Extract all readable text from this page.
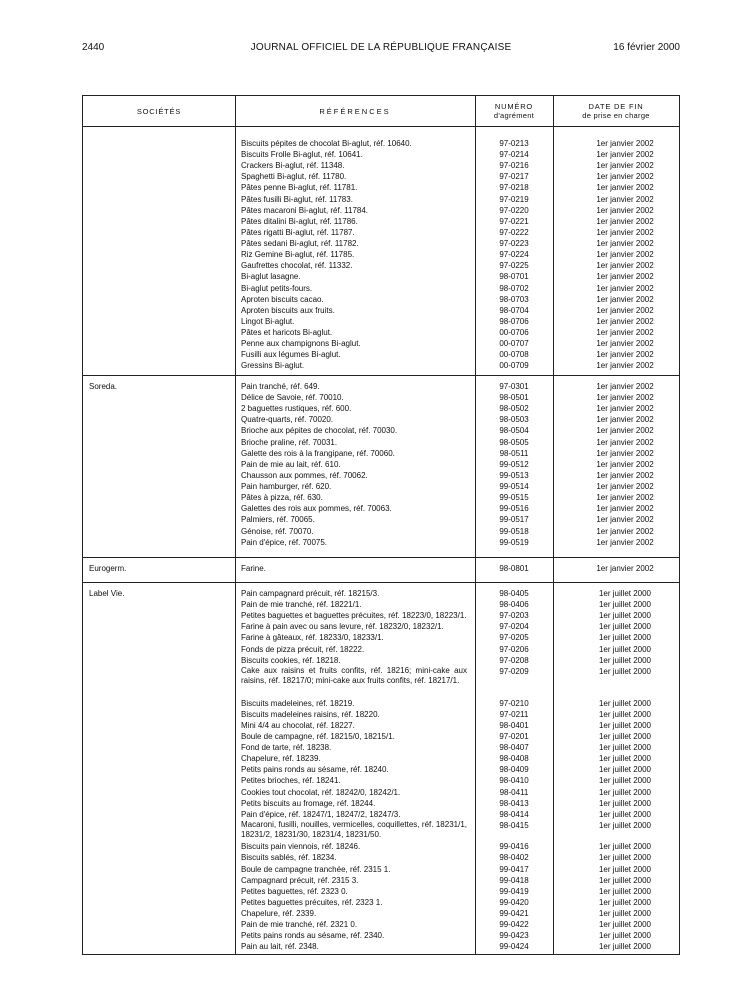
2440	JOURNAL OFFICIEL DE LA RÉPUBLIQUE FRANÇAISE	16 février 2000
SOCIÉTÉS	RÉFÉRENCES	NUMÉRO
d'agrément
DATE DE FIN
de prise en charge
Biscuits pépites de chocolat Bi-aglut, réf. 10640.	97-0213	1er janvier 2002
Biscuits Frolle Bi-aglut, réf. 10641.	97-0214	1er janvier 2002
Crackers Bi-aglut, réf. 11348.	97-0216	1er janvier 2002
Spaghetti Bi-aglut, réf. 11780.	97-0217	1er janvier 2002
Pâtes penne Bi-aglut, réf. 11781.	97-0218	1er janvier 2002
Pâtes fusilli Bi-aglut, réf. 11783.	97-0219	1er janvier 2002
Pâtes macaroni Bi-aglut, réf. 11784.	97-0220	1er janvier 2002
Pâtes ditalini Bi-aglut, réf. 11786.	97-0221	1er janvier 2002
Pâtes rigatti Bi-aglut, réf. 11787.	97-0222	1er janvier 2002
Pâtes sedani Bi-aglut, réf. 11782.	97-0223	1er janvier 2002
Riz Gemine Bi-aglut, réf. 11785.	97-0224	1er janvier 2002
Gaufrettes chocolat, réf. 11332.	97-0225	1er janvier 2002
Bi-aglut lasagne.	98-0701	1er janvier 2002
Bi-aglut petits-fours.	98-0702	1er janvier 2002
Aproten biscuits cacao.	98-0703	1er janvier 2002
Aproten biscuits aux fruits.	98-0704	1er janvier 2002
Lingot Bi-aglut.	98-0706	1er janvier 2002
Pâtes et haricots Bi-aglut.	00-0706	1er janvier 2002
Penne aux champignons Bi-aglut.	00-0707	1er janvier 2002
Fusilli aux légumes Bi-aglut.	00-0708	1er janvier 2002
Gressins Bi-aglut.	00-0709	1er janvier 2002
Soreda.	Pain tranché, réf. 649.	97-0301	1er janvier 2002
Délice de Savoie, réf. 70010.	98-0501	1er janvier 2002
2 baguettes rustiques, réf. 600.	98-0502	1er janvier 2002
Quatre-quarts, réf. 70020.	98-0503	1er janvier 2002
Brioche aux pépites de chocolat, réf. 70030.	98-0504	1er janvier 2002
Brioche praline, réf. 70031.	98-0505	1er janvier 2002
Galette des rois à la frangipane, réf. 70060.	98-0511	1er janvier 2002
Pain de mie au lait, réf. 610.	99-0512	1er janvier 2002
Chausson aux pommes, réf. 70062.	99-0513	1er janvier 2002
Pain hamburger, réf. 620.	99-0514	1er janvier 2002
Pâtes à pizza, réf. 630.	99-0515	1er janvier 2002
Galettes des rois aux pommes, réf. 70063.	99-0516	1er janvier 2002
Palmiers, réf. 70065.	99-0517	1er janvier 2002
Génoise, réf. 70070.	99-0518	1er janvier 2002
Pain d'épice, réf. 70075.	99-0519	1er janvier 2002
Eurogerm.	Farine.	98-0801	1er janvier 2002
Label Vie.	Pain campagnard précuit, réf. 18215/3.	98-0405	1er juillet 2000
Pain de mie tranché, réf. 18221/1.	98-0406	1er juillet 2000
Petites baguettes et baguettes précuites, réf. 18223/0, 18223/1.	97-0203	1er juillet 2000
Farine à pain avec ou sans levure, réf. 18232/0, 18232/1.	97-0204	1er juillet 2000
Farine à gâteaux, réf. 18233/0, 18233/1.	97-0205	1er juillet 2000
Fonds de pizza précuit, réf. 18222.	97-0206	1er juillet 2000
Biscuits cookies, réf. 18218.	97-0208	1er juillet 2000
Cake aux raisins et fruits confits, réf. 18216; mini-cake aux raisins, réf. 18217/0; mini-cake aux fruits confits, réf. 18217/1.
97-0209	1er juillet 2000
Biscuits madeleines, réf. 18219.	97-0210	1er juillet 2000
Biscuits madeleines raisins, réf. 18220.	97-0211	1er juillet 2000
Mini 4/4 au chocolat, réf. 18227.	98-0401	1er juillet 2000
Boule de campagne, réf. 18215/0, 18215/1.	97-0201	1er juillet 2000
Fond de tarte, réf. 18238.	98-0407	1er juillet 2000
Chapelure, réf. 18239.	98-0408	1er juillet 2000
Petits pains ronds au sésame, réf. 18240.	98-0409	1er juillet 2000
Petites brioches, réf. 18241.	98-0410	1er juillet 2000
Cookies tout chocolat, réf. 18242/0, 18242/1.	98-0411	1er juillet 2000
Petits biscuits au fromage, réf. 18244.	98-0413	1er juillet 2000
Pain d'épice, réf. 18247/1, 18247/2, 18247/3.	98-0414	1er juillet 2000
Macaroni, fusilli, nouilles, vermicelles, coquillettes, réf. 18231/1, 18231/2, 18231/30, 18231/4, 18231/50.
98-0415	1er juillet 2000
Biscuits pain viennois, réf. 18246.	99-0416	1er juillet 2000
Biscuits sablés, réf. 18234.	98-0402	1er juillet 2000
Boule de campagne tranchée, réf. 2315 1.	99-0417	1er juillet 2000
Campagnard précuit, réf. 2315 3.	99-0418	1er juillet 2000
Petites baguettes, réf. 2323 0.	99-0419	1er juillet 2000
Petites baguettes précuites, réf. 2323 1.	99-0420	1er juillet 2000
Chapelure, réf. 2339.	99-0421	1er juillet 2000
Pain de mie tranché, réf. 2321 0.	99-0422	1er juillet 2000
Petits pains ronds au sésame, réf. 2340.	99-0423	1er juillet 2000
Pain au lait, réf. 2348.	99-0424	1er juillet 2000
